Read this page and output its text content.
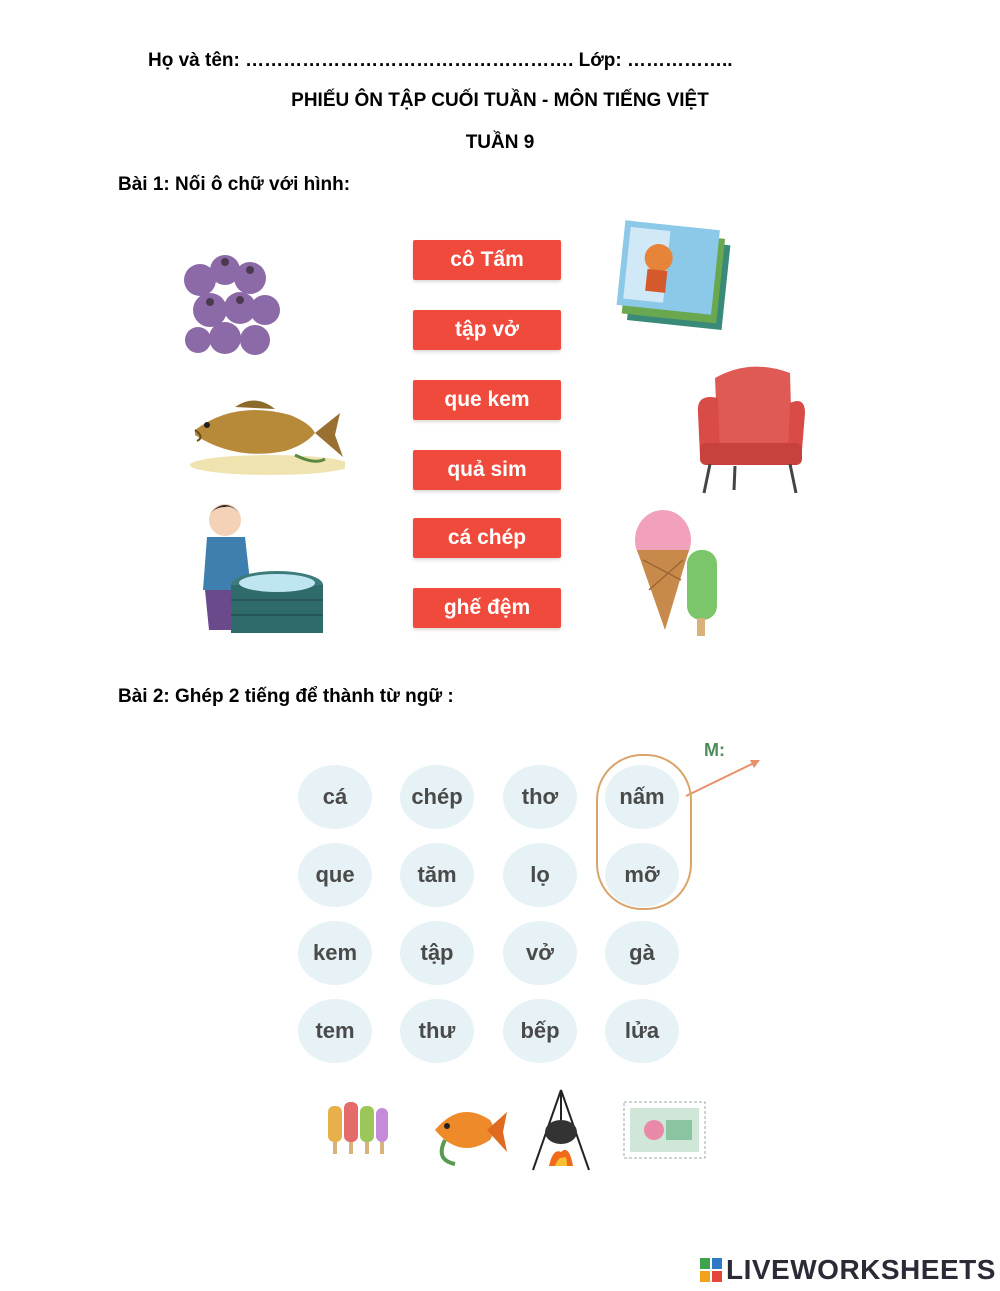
Họ và tên: ……………………………………………. Lớp: ……………..
PHIẾU ÔN TẬP CUỐI TUẦN - MÔN TIẾNG VIỆT
TUẦN 9
Bài 1: Nối ô chữ với hình:
cô Tấm
tập vở
que kem
quả sim
cá chép
ghế đệm
Bài 2: Ghép 2 tiếng để thành từ ngữ :
M:
cá	chép	thơ	nấm
que	tăm	lọ	mỡ
kem	tập	vở	gà
tem	thư	bếp	lửa
LIVEWORKSHEETS
